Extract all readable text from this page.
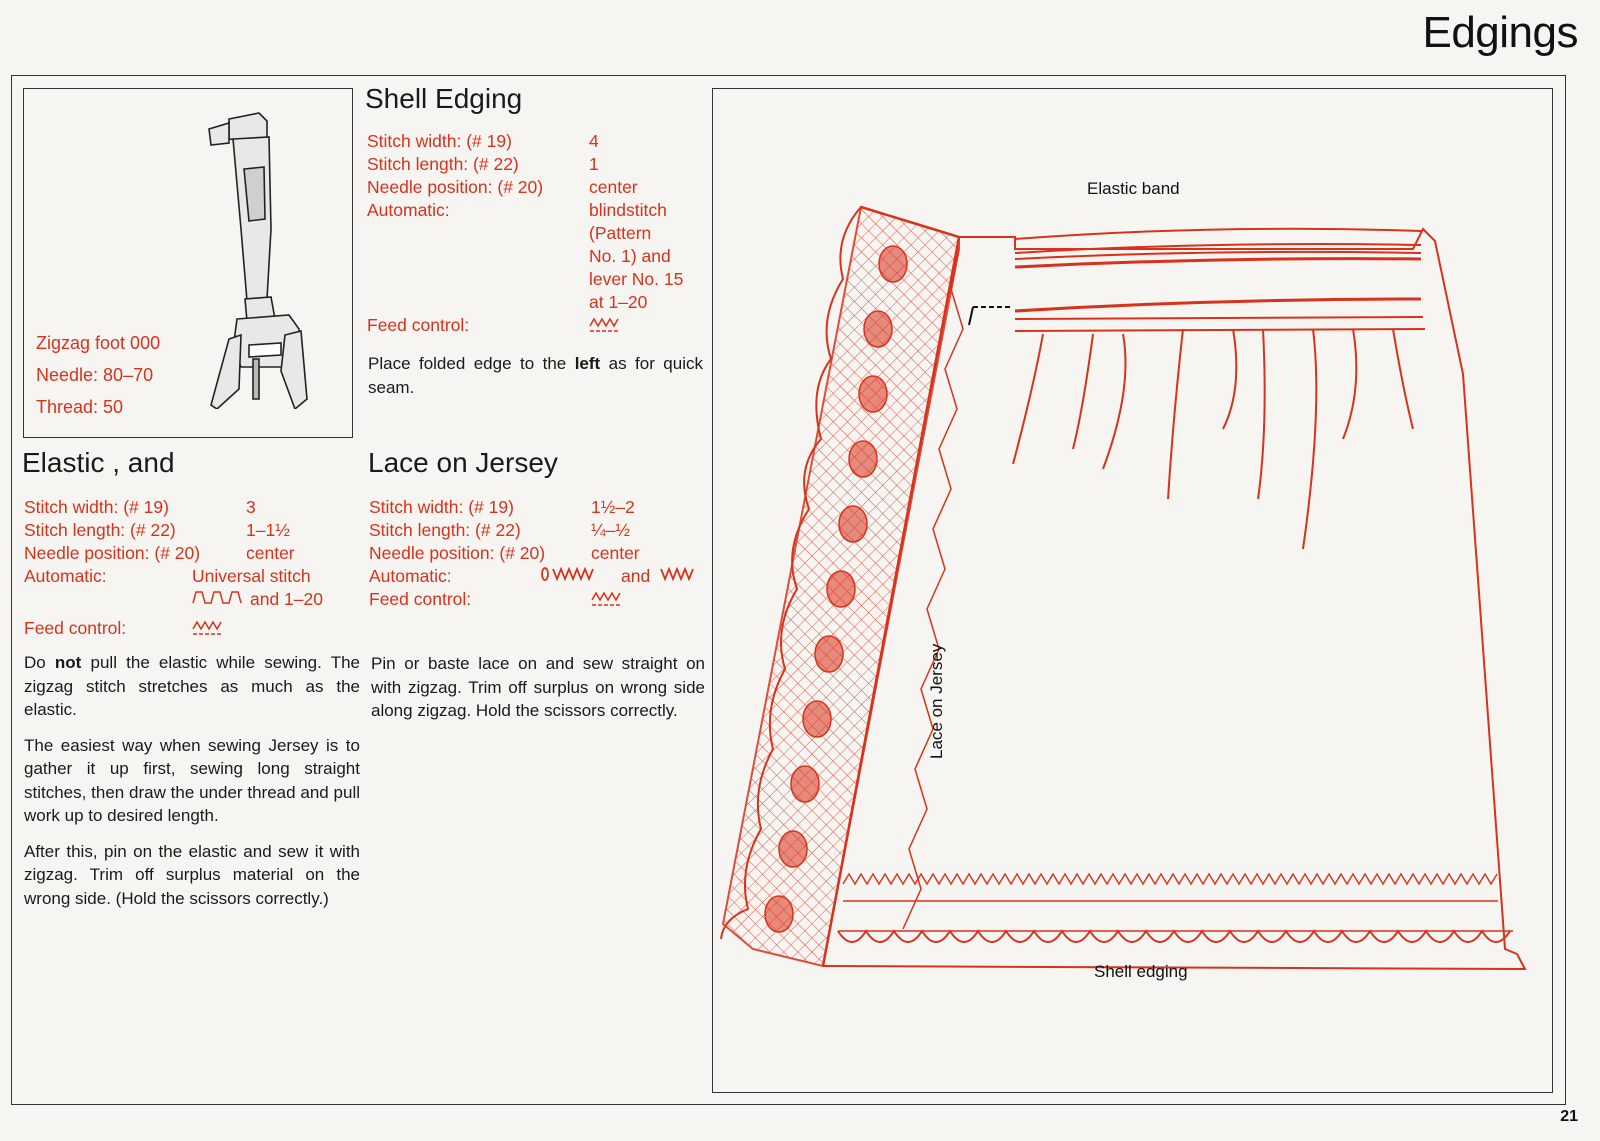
Edgings
21
Zigzag foot 000
Needle: 80–70
Thread: 50
Shell Edging
Stitch width: (# 19)	4
Stitch length: (# 22)	1
Needle position: (# 20)	center
Automatic:	blindstitch
(Pattern
No. 1) and
lever No. 15
at 1–20
Feed control:

Place folded edge to the left as for quick seam.

Elastic , and
Stitch width: (# 19)	3
Stitch length: (# 22)	1–1½
Needle position: (# 20)	center
Automatic:	Universal stitch
and 1–20
Feed control:

Do not pull the elastic while sewing. The zigzag stitch stretches as much as the elastic.

The easiest way when sewing Jersey is to gather it up first, sewing long straight stitches, then draw the under thread and pull work up to desired length.

After this, pin on the elastic and sew it with zigzag. Trim off surplus material on the wrong side. (Hold the scissors correctly.)

Lace on Jersey
Stitch width: (# 19)	1½–2
Stitch length: (# 22)	¼–½
Needle position: (# 20)	center
Automatic:	and
Feed control:

Pin or baste lace on and sew straight on with zigzag. Trim off surplus on wrong side along zigzag. Hold the scissors correctly.

Elastic band
Lace on Jersey
Shell edging
